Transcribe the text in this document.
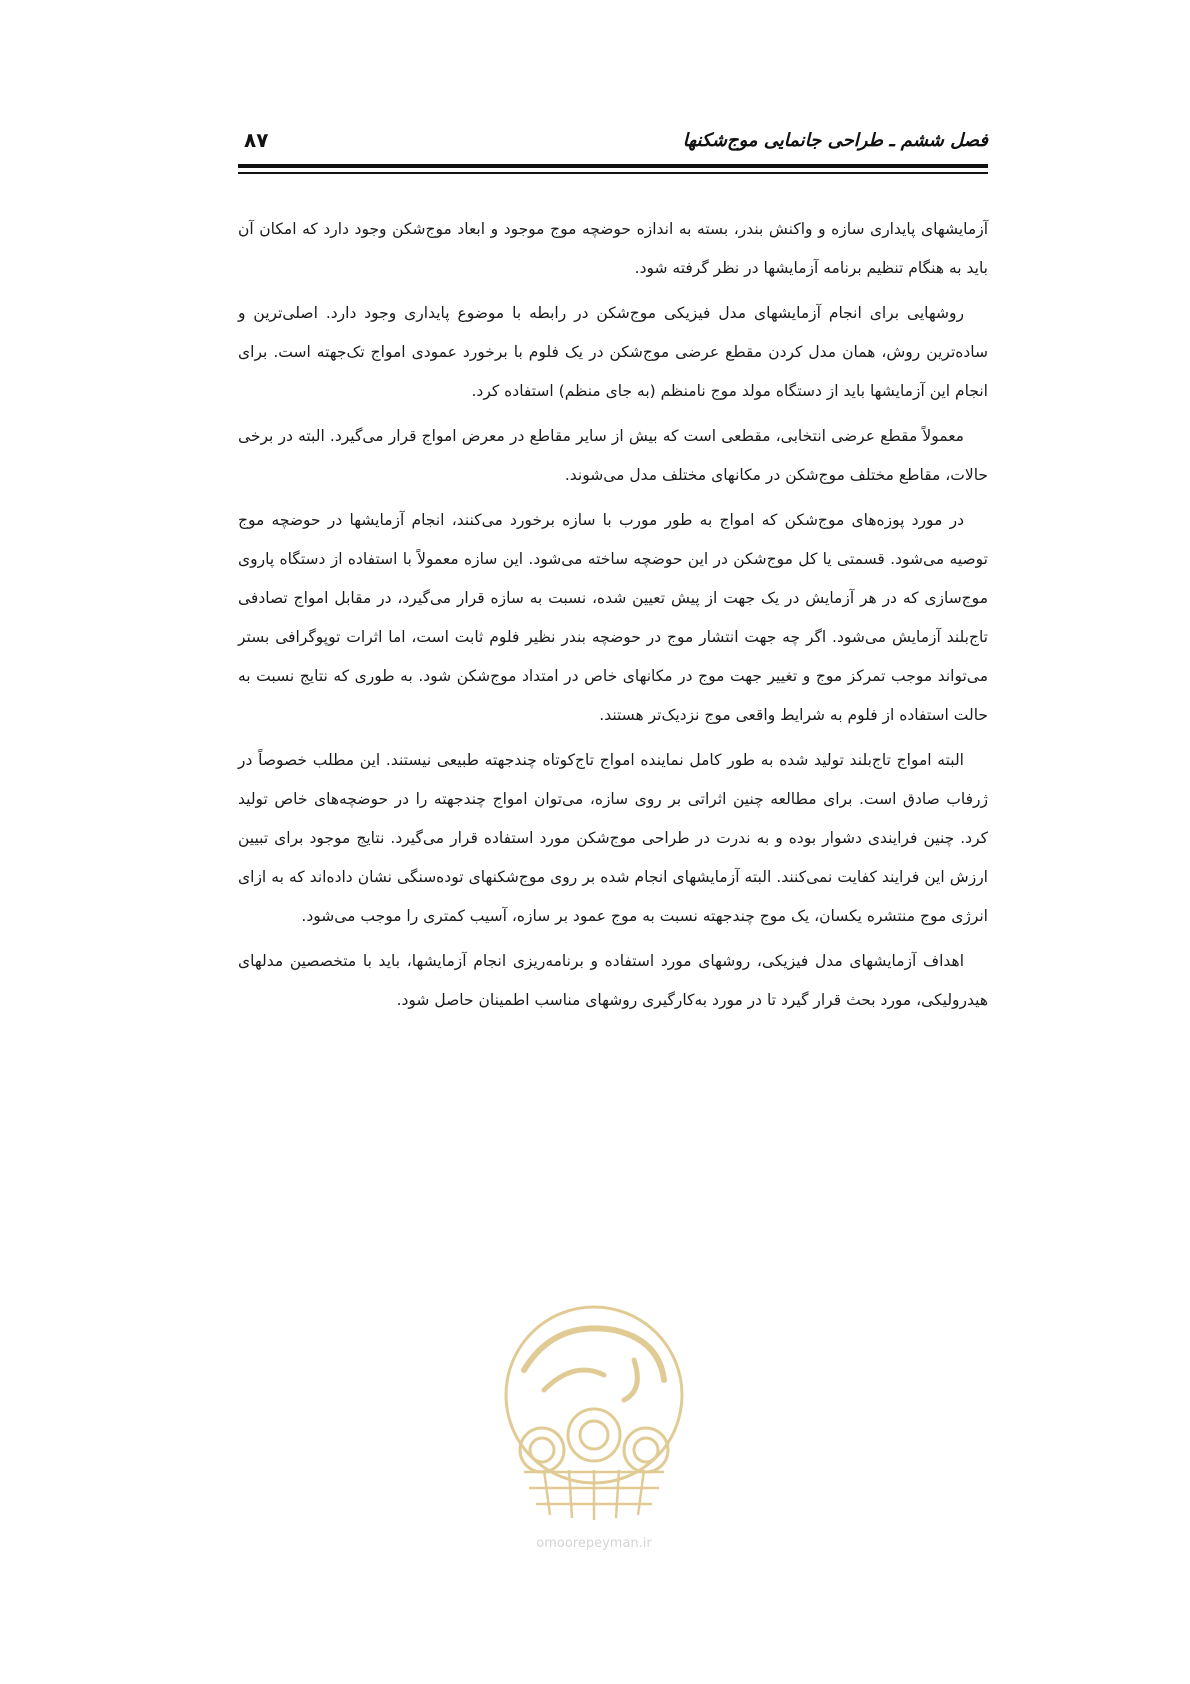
فصل ششم ـ طراحی جانمایی موج‌شکنها
۸۷

آزمایشهای پایداری سازه و واکنش بندر، بسته به اندازه حوضچه موج موجود و ابعاد موج‌شکن وجود دارد که امکان آن باید به هنگام تنظیم برنامه آزمایشها در نظر گرفته شود.

روشهایی برای انجام آزمایشهای مدل فیزیکی موج‌شکن در رابطه با موضوع پایداری وجود دارد. اصلی‌ترین و ساده‌ترین روش، همان مدل کردن مقطع عرضی موج‌شکن در یک فلوم با برخورد عمودی امواج تک‌جهته است. برای انجام این آزمایشها باید از دستگاه مولد موج نامنظم (به جای منظم) استفاده کرد.

معمولاً مقطع عرضی انتخابی، مقطعی است که بیش از سایر مقاطع در معرض امواج قرار می‌گیرد. البته در برخی حالات، مقاطع مختلف موج‌شکن در مکانهای مختلف مدل می‌شوند.

در مورد پوزه‌های موج‌شکن که امواج به طور مورب با سازه برخورد می‌کنند، انجام آزمایشها در حوضچه موج توصیه می‌شود. قسمتی یا کل موج‌شکن در این حوضچه ساخته می‌شود. این سازه معمولاً با استفاده از دستگاه پاروی موج‌سازی که در هر آزمایش در یک جهت از پیش تعیین شده، نسبت به سازه قرار می‌گیرد، در مقابل امواج تصادفی تاج‌بلند آزمایش می‌شود. اگر چه جهت انتشار موج در حوضچه بندر نظیر فلوم ثابت است، اما اثرات توپوگرافی بستر می‌تواند موجب تمرکز موج و تغییر جهت موج در مکانهای خاص در امتداد موج‌شکن شود. به طوری که نتایج نسبت به حالت استفاده از فلوم به شرایط واقعی موج نزدیک‌تر هستند.

البته امواج تاج‌بلند تولید شده به طور کامل نماینده امواج تاج‌کوتاه چندجهته طبیعی نیستند. این مطلب خصوصاً در ژرفاب صادق است. برای مطالعه چنین اثراتی بر روی سازه، می‌توان امواج چندجهته را در حوضچه‌های خاص تولید کرد. چنین فرایندی دشوار بوده و به ندرت در طراحی موج‌شکن مورد استفاده قرار می‌گیرد. نتایج موجود برای تبیین ارزش این فرایند کفایت نمی‌کنند. البته آزمایشهای انجام شده بر روی موج‌شکنهای توده‌سنگی نشان داده‌اند که به ازای انرژی موج منتشره یکسان، یک موج چندجهته نسبت به موج عمود بر سازه، آسیب کمتری را موجب می‌شود.

اهداف آزمایشهای مدل فیزیکی، روشهای مورد استفاده و برنامه‌ریزی انجام آزمایشها، باید با متخصصین مدلهای هیدرولیکی، مورد بحث قرار گیرد تا در مورد به‌کارگیری روشهای مناسب اطمینان حاصل شود.

omoorepeyman.ir
